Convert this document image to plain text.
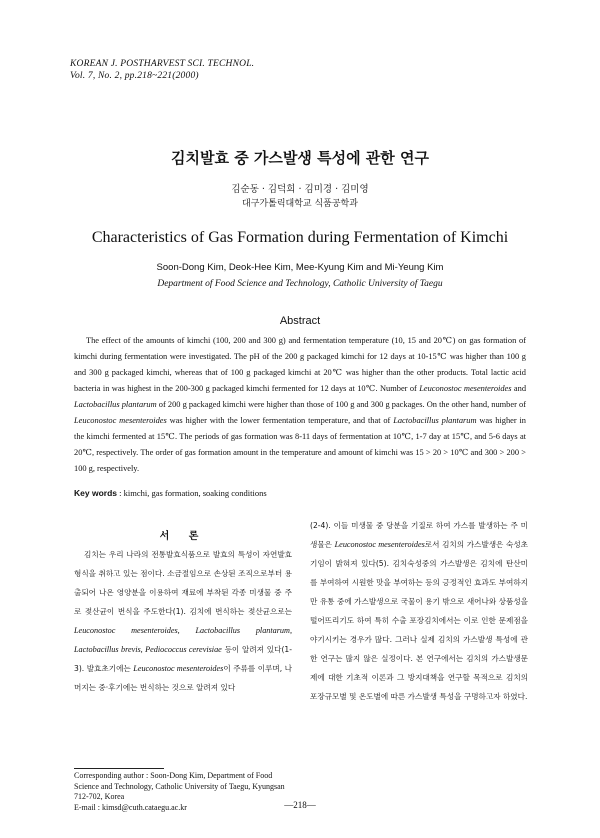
KOREAN J. POSTHARVEST SCI. TECHNOL.
Vol. 7, No. 2, pp.218~221(2000)
김치발효 중 가스발생 특성에 관한 연구
김순동 · 김덕희 · 김미경 · 김미영
대구가톨릭대학교 식품공학과
Characteristics of Gas Formation during Fermentation of Kimchi
Soon-Dong Kim, Deok-Hee Kim, Mee-Kyung Kim and Mi-Yeung Kim
Department of Food Science and Technology, Catholic University of Taegu
Abstract
The effect of the amounts of kimchi (100, 200 and 300 g) and fermentation temperature (10, 15 and 20℃) on gas formation of kimchi during fermentation were investigated. The pH of the 200 g packaged kimchi for 12 days at 10-15℃ was higher than 100 g and 300 g packaged kimchi, whereas that of 100 g packaged kimchi at 20℃ was higher than the other products. Total lactic acid bacteria in was highest in the 200-300 g packaged kimchi fermented for 12 days at 10℃. Number of Leuconostoc mesenteroides and Lactobacillus plantarum of 200 g packaged kimchi were higher than those of 100 g and 300 g packages. On the other hand, number of Leuconostoc mesenteroides was higher with the lower fermentation temperature, and that of Lactobacillus plantarum was higher in the kimchi fermented at 15℃. The periods of gas formation was 8-11 days of fermentation at 10℃, 1-7 day at 15℃, and 5-6 days at 20℃, respectively. The order of gas formation amount in the temperature and amount of kimchi was 15 > 20 > 10℃ and 300 > 200 > 100 g, respectively.
Key words : kimchi, gas formation, soaking conditions
서 론
김치는 우리 나라의 전통발효식품으로 발효의 특성이 자연발효형식을 취하고 있는 점이다. 소금절임으로 손상된 조직으로부터 용출되어 나온 영양분을 이용하여 재료에 부착된 각종 미생물 중 주로 젖산균이 번식을 주도한다(1). 김치에 번식하는 젖산균으로는 Leuconostoc mesenteroides, Lactobacillus plantarum, Lactobacillus brevis, Pediococcus cerevisiae 등이 알려져 있다(1-3). 발효초기에는 Leuconostoc mesenteroides이 주류를 이루며, 나머지는 중·후기에는 번식하는 것으로 알려져 있다
(2-4). 이들 미생물 중 당분을 기질로 하여 가스를 발생하는 주 미생물은 Leuconostoc mesenteroides로서 김치의 가스발생은 숙성초기임이 밝혀져 있다(5). 김치숙성중의 가스발생은 김치에 탄산미를 부여하여 시원한 맛을 부여하는 등의 긍정적인 효과도 부여하지만 유통 중에 가스발생으로 국물이 용기 밖으로 새어나와 상품성을 떨어뜨리기도 하여 특히 수출 포장김치에서는 이로 인한 문제점을 야기시키는 경우가 많다. 그러나 실제 김치의 가스발생 특성에 관한 연구는 많지 않은 실정이다. 본 연구에서는 김치의 가스발생문제에 대한 기초적 이론과 그 방지대책을 연구할 목적으로 김치의 포장규모별 및 온도별에 따른 가스발생 특성을 구명하고자 하였다.
Corresponding author : Soon-Dong Kim, Department of Food Science and Technology, Catholic University of Taegu, Kyungsan 712-702, Korea
E-mail : kimsd@cuth.cataegu.ac.kr	—218—
